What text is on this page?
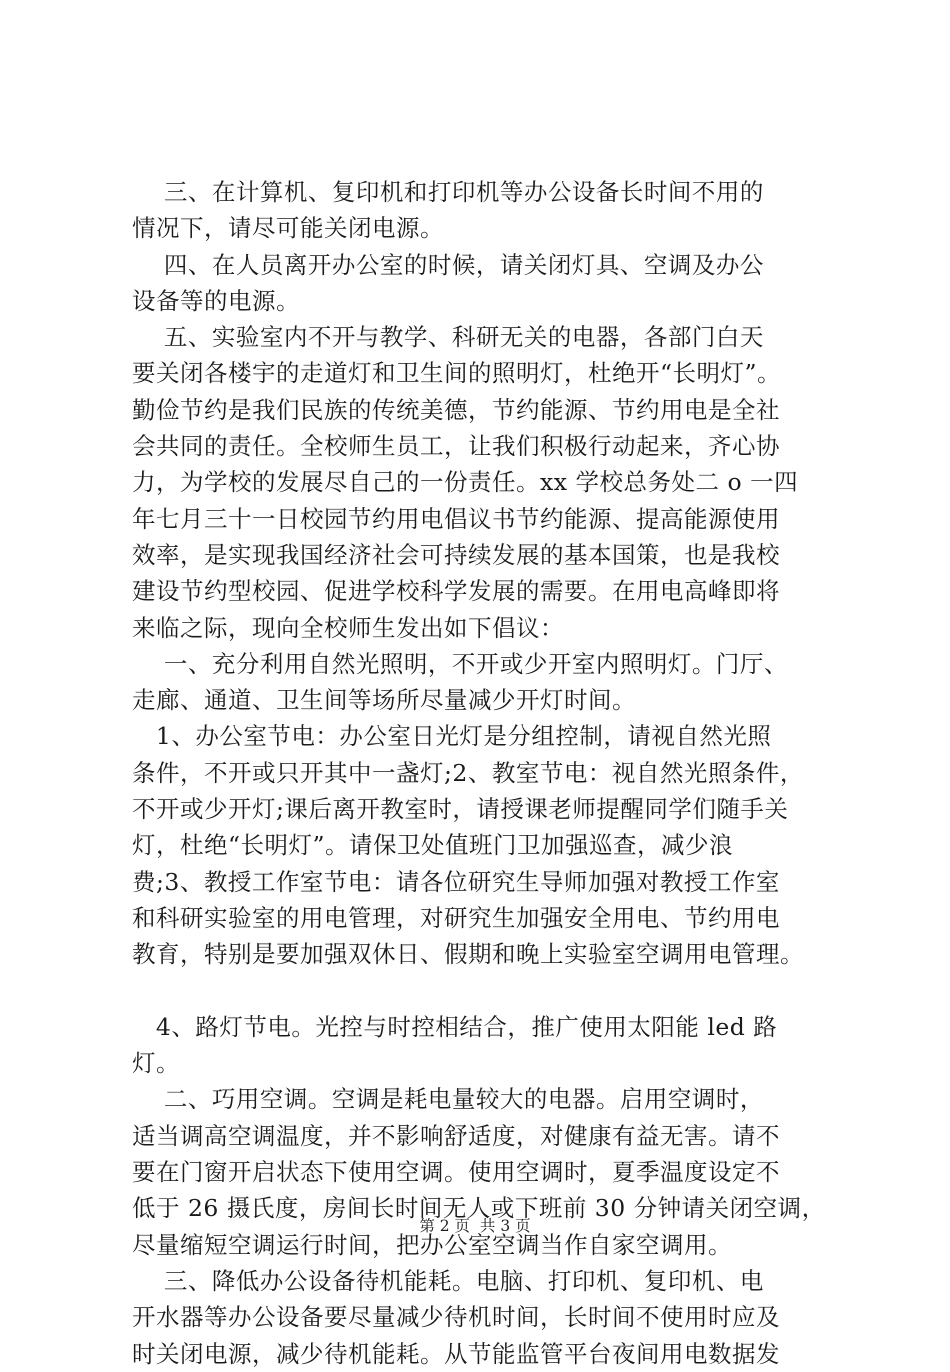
三、在计算机、复印机和打印机等办公设备长时间不用的
情况下，请尽可能关闭电源。
四、在人员离开办公室的时候，请关闭灯具、空调及办公
设备等的电源。
五、实验室内不开与教学、科研无关的电器，各部门白天
要关闭各楼宇的走道灯和卫生间的照明灯，杜绝开“长明灯”。
勤俭节约是我们民族的传统美德，节约能源、节约用电是全社
会共同的责任。全校师生员工，让我们积极行动起来，齐心协
力，为学校的发展尽自己的一份责任。xx 学校总务处二 o 一四
年七月三十一日校园节约用电倡议书节约能源、提高能源使用
效率，是实现我国经济社会可持续发展的基本国策，也是我校
建设节约型校园、促进学校科学发展的需要。在用电高峰即将
来临之际，现向全校师生发出如下倡议：
一、充分利用自然光照明，不开或少开室内照明灯。门厅、
走廊、通道、卫生间等场所尽量减少开灯时间。
1、办公室节电：办公室日光灯是分组控制，请视自然光照
条件，不开或只开其中一盏灯;2、教室节电：视自然光照条件，
不开或少开灯;课后离开教室时，请授课老师提醒同学们随手关
灯，杜绝“长明灯”。请保卫处值班门卫加强巡查，减少浪
费;3、教授工作室节电：请各位研究生导师加强对教授工作室
和科研实验室的用电管理，对研究生加强安全用电、节约用电
教育，特别是要加强双休日、假期和晚上实验室空调用电管理。
4、路灯节电。光控与时控相结合，推广使用太阳能 led 路
灯。
二、巧用空调。空调是耗电量较大的电器。启用空调时，
适当调高空调温度，并不影响舒适度，对健康有益无害。请不
要在门窗开启状态下使用空调。使用空调时，夏季温度设定不
低于 26 摄氏度，房间长时间无人或下班前 30 分钟请关闭空调，
尽量缩短空调运行时间，把办公室空调当作自家空调用。
三、降低办公设备待机能耗。电脑、打印机、复印机、电
开水器等办公设备要尽量减少待机时间，长时间不使用时应及
时关闭电源，减少待机能耗。从节能监管平台夜间用电数据发
第 2 页  共 3 页
